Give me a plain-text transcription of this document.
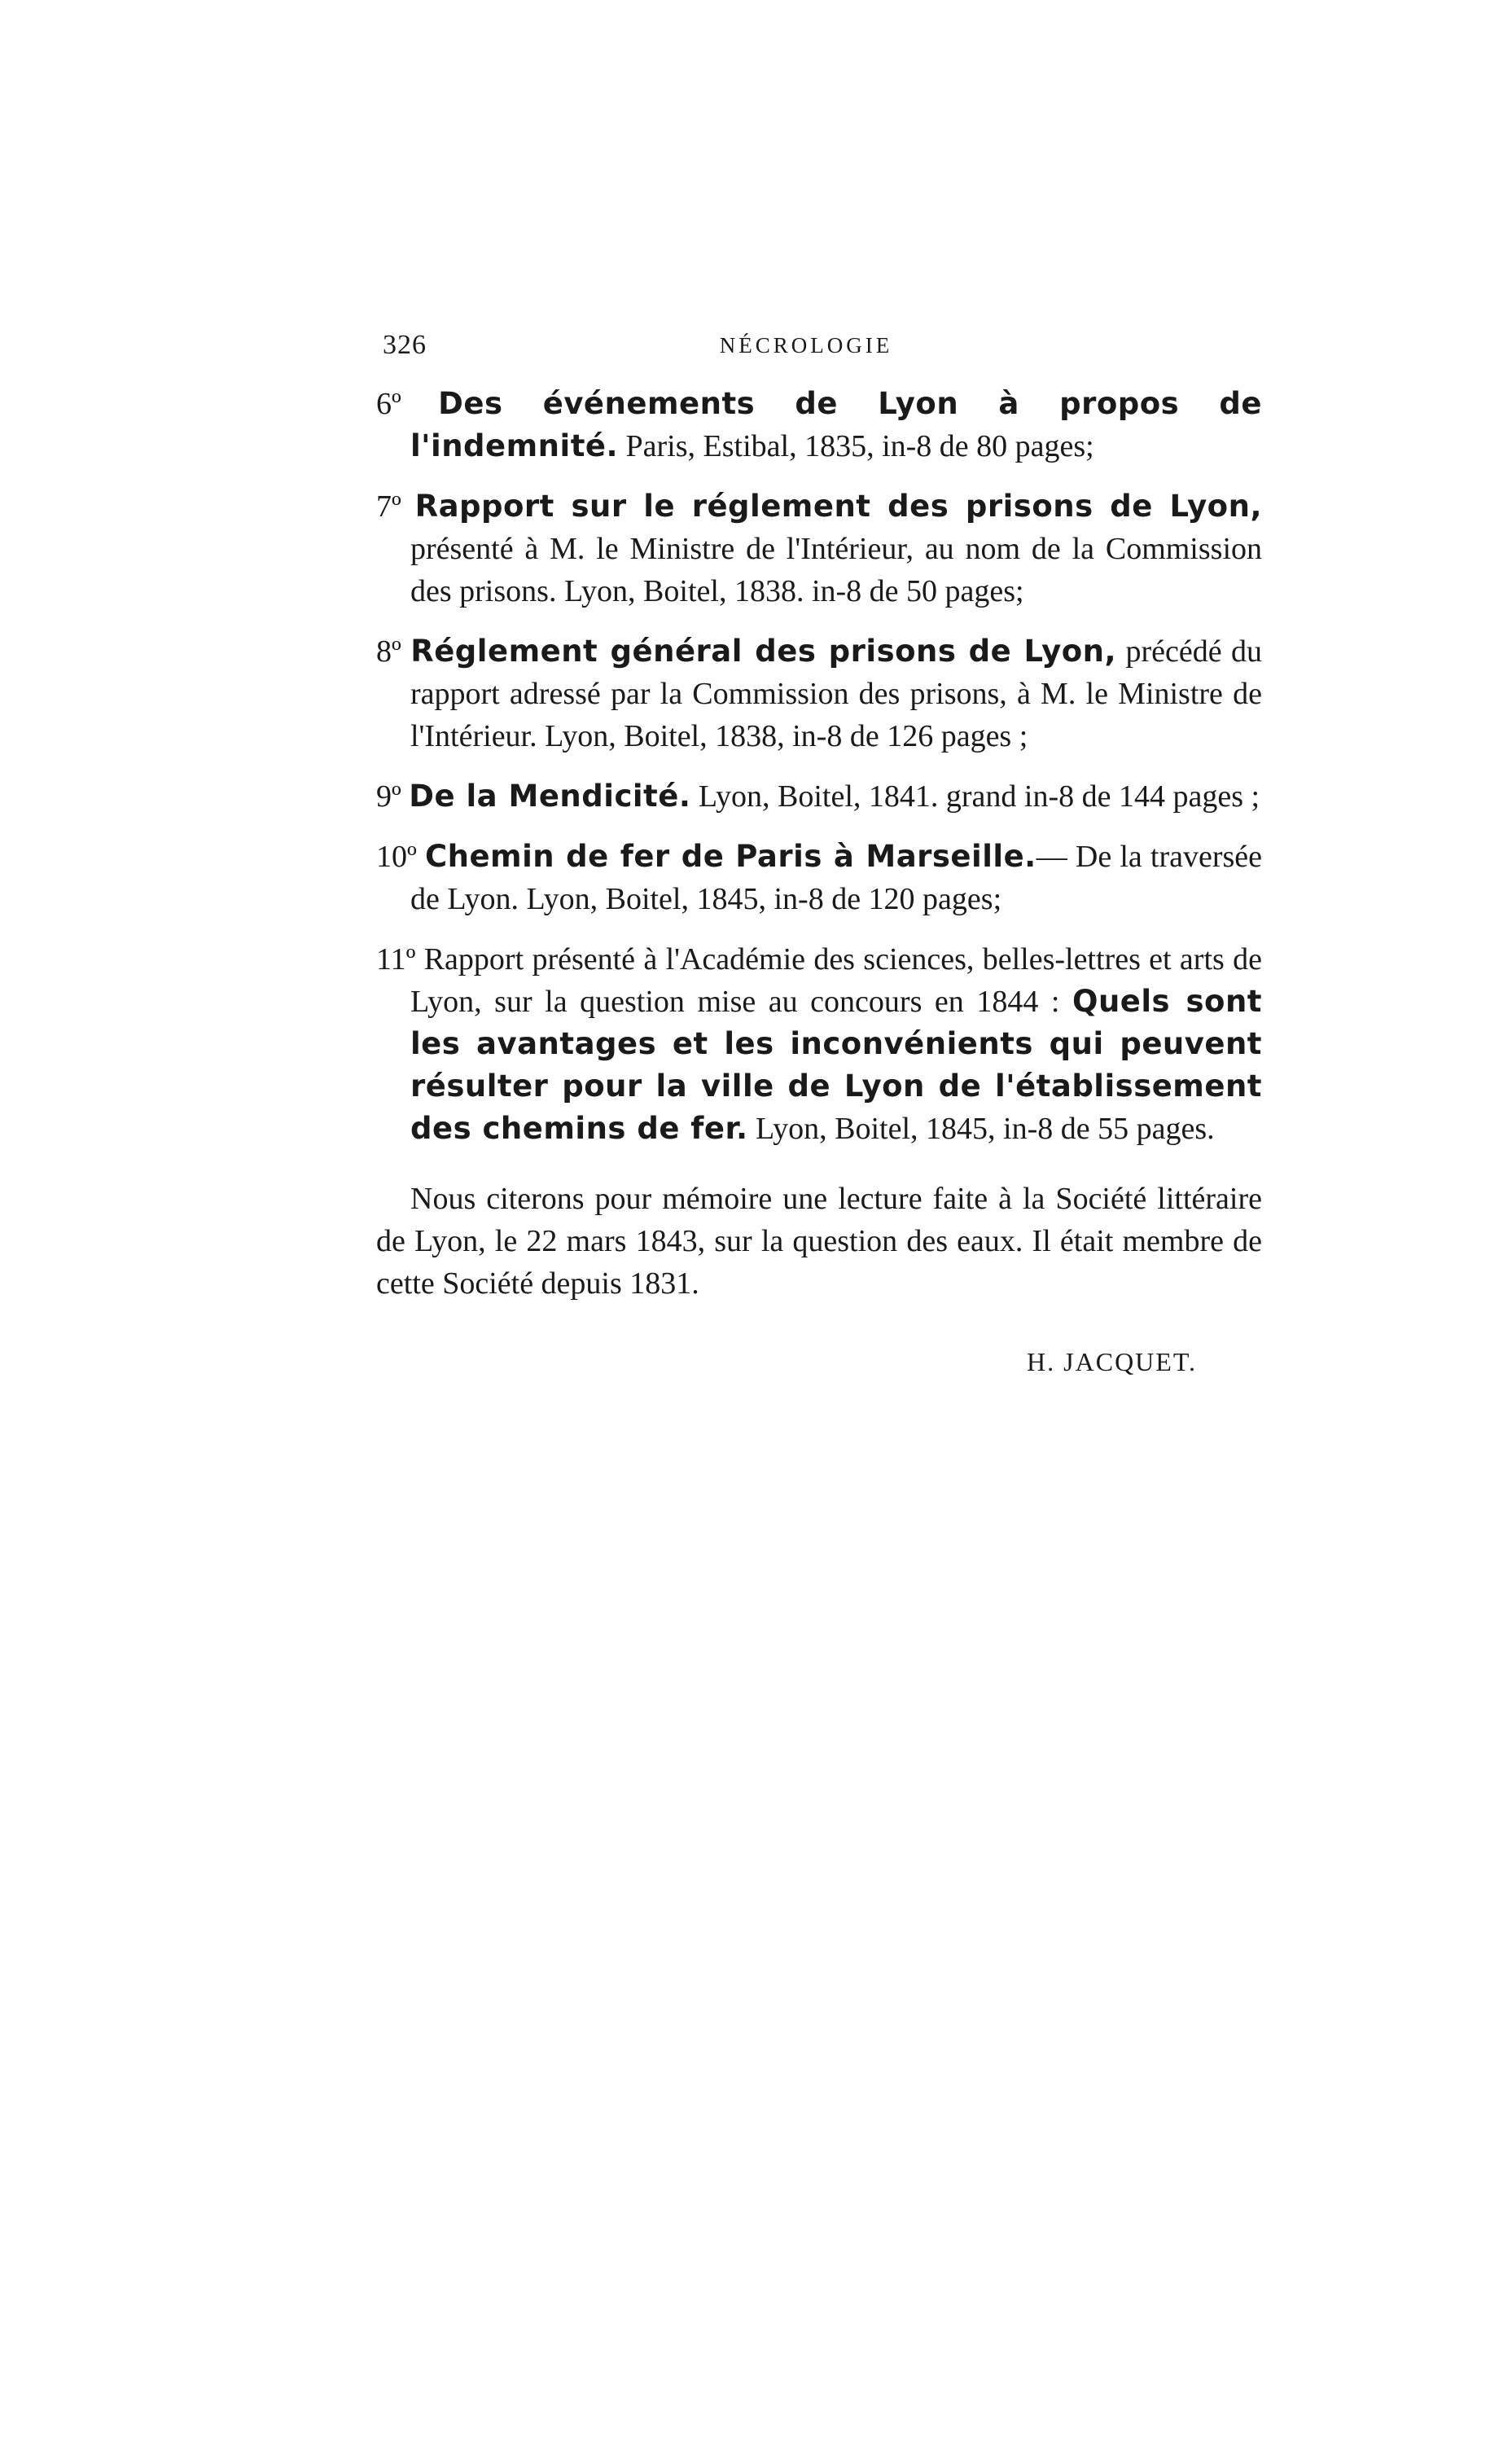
326	NÉCROLOGIE

6º Des événements de Lyon à propos de l'indemnité. Paris, Estibal, 1835, in-8 de 80 pages;

7º Rapport sur le réglement des prisons de Lyon, présenté à M. le Ministre de l'Intérieur, au nom de la Commission des prisons. Lyon, Boitel, 1838. in-8 de 50 pages;

8º Réglement général des prisons de Lyon, précédé du rapport adressé par la Commission des prisons, à M. le Ministre de l'Intérieur. Lyon, Boitel, 1838, in-8 de 126 pages ;

9º De la Mendicité. Lyon, Boitel, 1841. grand in-8 de 144 pages ;

10º Chemin de fer de Paris à Marseille.— De la traversée de Lyon. Lyon, Boitel, 1845, in-8 de 120 pages;

11º Rapport présenté à l'Académie des sciences, belles-lettres et arts de Lyon, sur la question mise au concours en 1844 : Quels sont les avantages et les inconvénients qui peuvent résulter pour la ville de Lyon de l'établissement des chemins de fer. Lyon, Boitel, 1845, in-8 de 55 pages.

Nous citerons pour mémoire une lecture faite à la Société littéraire de Lyon, le 22 mars 1843, sur la question des eaux. Il était membre de cette Société depuis 1831.

H. JACQUET.
